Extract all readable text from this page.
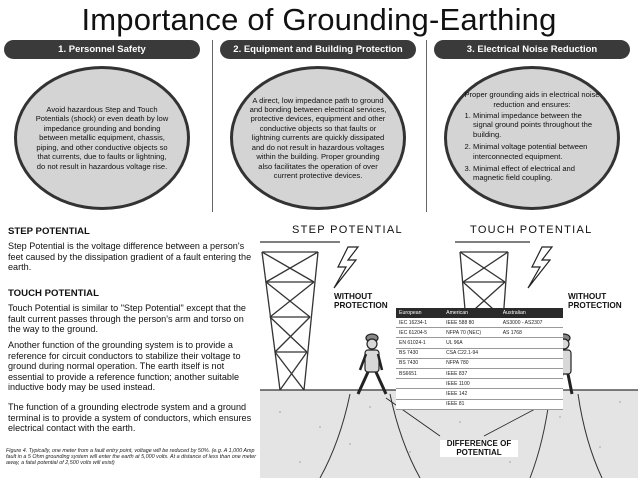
Importance of Grounding-Earthing
1. Personnel Safety
Avoid hazardous Step and Touch Potentials (shock) or even death by low impedance grounding and bonding between metallic equipment, chassis, piping, and other conductive objects so that currents, due to faults or lightning, do not result in hazardous voltage rise.
2. Equipment and Building Protection
A direct, low impedance path to ground and bonding between electrical services, protective devices, equipment and other conductive objects so that faults or lightning currents are quickly dissipated and do not result in hazardous voltages within the building. Proper grounding also facilitates the operation of over current protective devices.
3. Electrical Noise Reduction
Proper grounding aids in electrical noise reduction and ensures:
1. Minimal impedance between the signal ground points throughout the building.
2. Minimal voltage potential between interconnected equipment.
3. Minimal effect of electrical and magnetic field coupling.
STEP POTENTIAL
Step Potential is the voltage difference between a person's feet caused by the dissipation gradient of a fault entering the earth.
TOUCH POTENTIAL
Touch Potential is similar to "Step Potential" except that the fault current passes through the person's arm and torso on the way to the ground.
Another function of the grounding system is to provide a reference for circuit conductors to stabilize their voltage to ground during normal operation. The earth itself is not essential to provide a reference function; another suitable inductive body may be used instead.
The function of a grounding electrode system and a ground terminal is to provide a system of conductors, which ensures electrical contact with the earth.
Figure 4. Typically, one meter from a fault entry point, voltage will be reduced by 50%. (e.g. A 1,000 Amp fault in a 5 Ohm grounding system will enter the earth at 5,000 volts. At a distance of less than one meter away, a fatal potential of 2,500 volts will exist)
STEP POTENTIAL	TOUCH POTENTIAL
WITHOUT PROTECTION
WITHOUT PROTECTION
DIFFERENCE OF POTENTIAL
European	American	Australian
IEC 16234-1	IEEE 588 80	AS3000 - AS2307
IEC 61204-5	NFPA 70 (NEC)	AS 1768
EN 61024-1	UL 96A	
BS 7430	CSA C22.1-94	
BS 7430	NFPA 780	
BS6651	IEEE 837	
	IEEE 1100	
	IEEE 142	
	IEEE 81	
